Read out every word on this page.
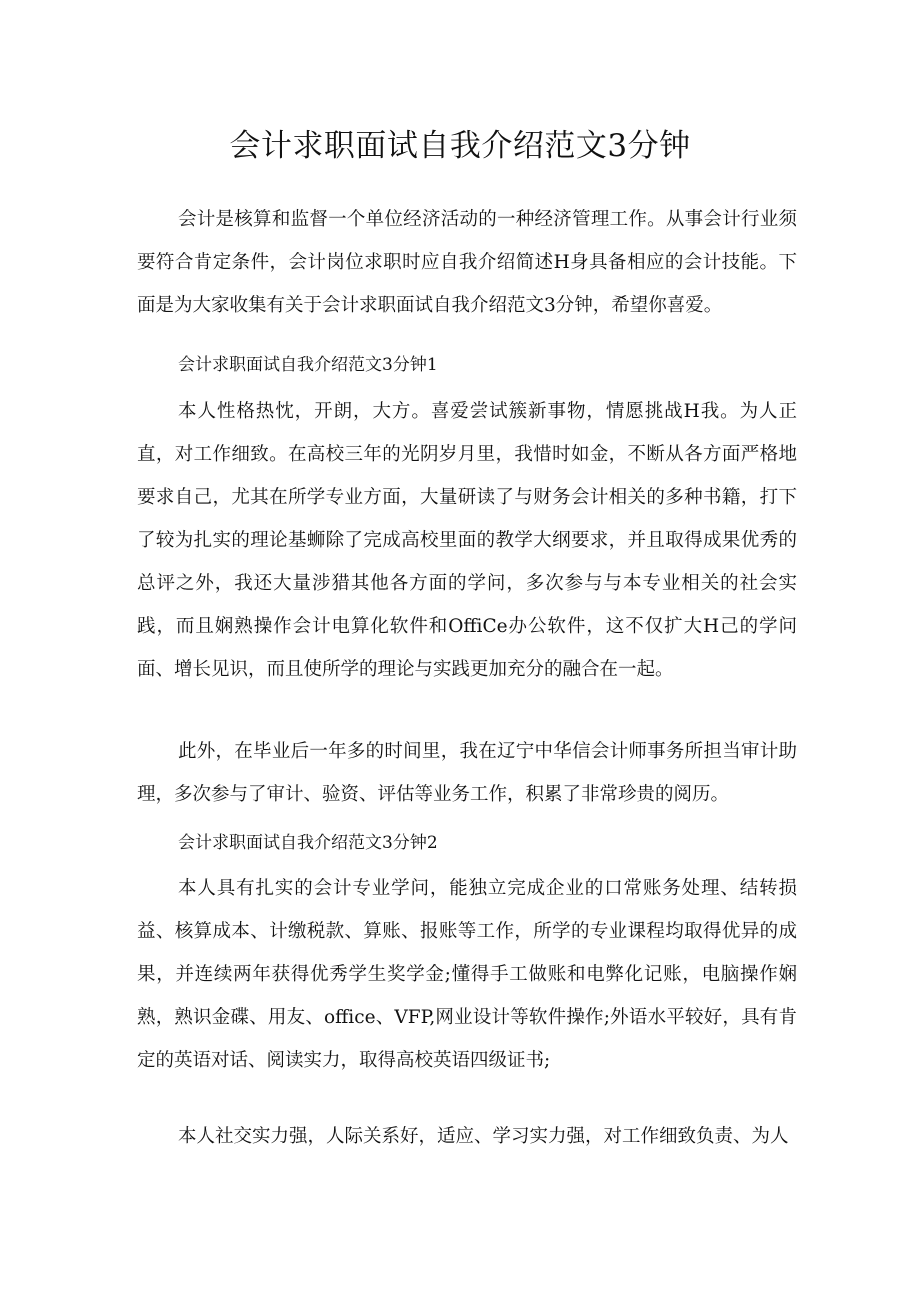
会计求职面试自我介绍范文3分钟

会计是核算和监督一个单位经济活动的一种经济管理工作。从事会计行业须要符合肯定条件，会计岗位求职时应自我介绍简述H身具备相应的会计技能。下面是为大家收集有关于会计求职面试自我介绍范文3分钟，希望你喜爱。

会计求职面试自我介绍范文3分钟1

本人性格热忱，开朗，大方。喜爱尝试簇新事物，情愿挑战H我。为人正直，对工作细致。在高校三年的光阴岁月里，我惜时如金，不断从各方面严格地要求自己，尤其在所学专业方面，大量研读了与财务会计相关的多种书籍，打下了较为扎实的理论基蛳除了完成高校里面的教学大纲要求，并且取得成果优秀的总评之外，我还大量涉猎其他各方面的学问，多次参与与本专业相关的社会实践，而且娴熟操作会计电算化软件和OffiCe办公软件，这不仅扩大H己的学问面、增长见识，而且使所学的理论与实践更加充分的融合在一起。

此外，在毕业后一年多的时间里，我在辽宁中华信会计师事务所担当审计助理，多次参与了审计、验资、评估等业务工作，积累了非常珍贵的阅历。

会计求职面试自我介绍范文3分钟2

本人具有扎实的会计专业学问，能独立完成企业的口常账务处理、结转损益、核算成本、计缴税款、算账、报账等工作，所学的专业课程均取得优异的成果，并连续两年获得优秀学生奖学金;懂得手工做账和电弊化记账，电脑操作娴熟，熟识金碟、用友、office、VFP,网业设计等软件操作;外语水平较好，具有肯定的英语对话、阅读实力，取得高校英语四级证书;

本人社交实力强，人际关系好，适应、学习实力强，对工作细致负责、为人
